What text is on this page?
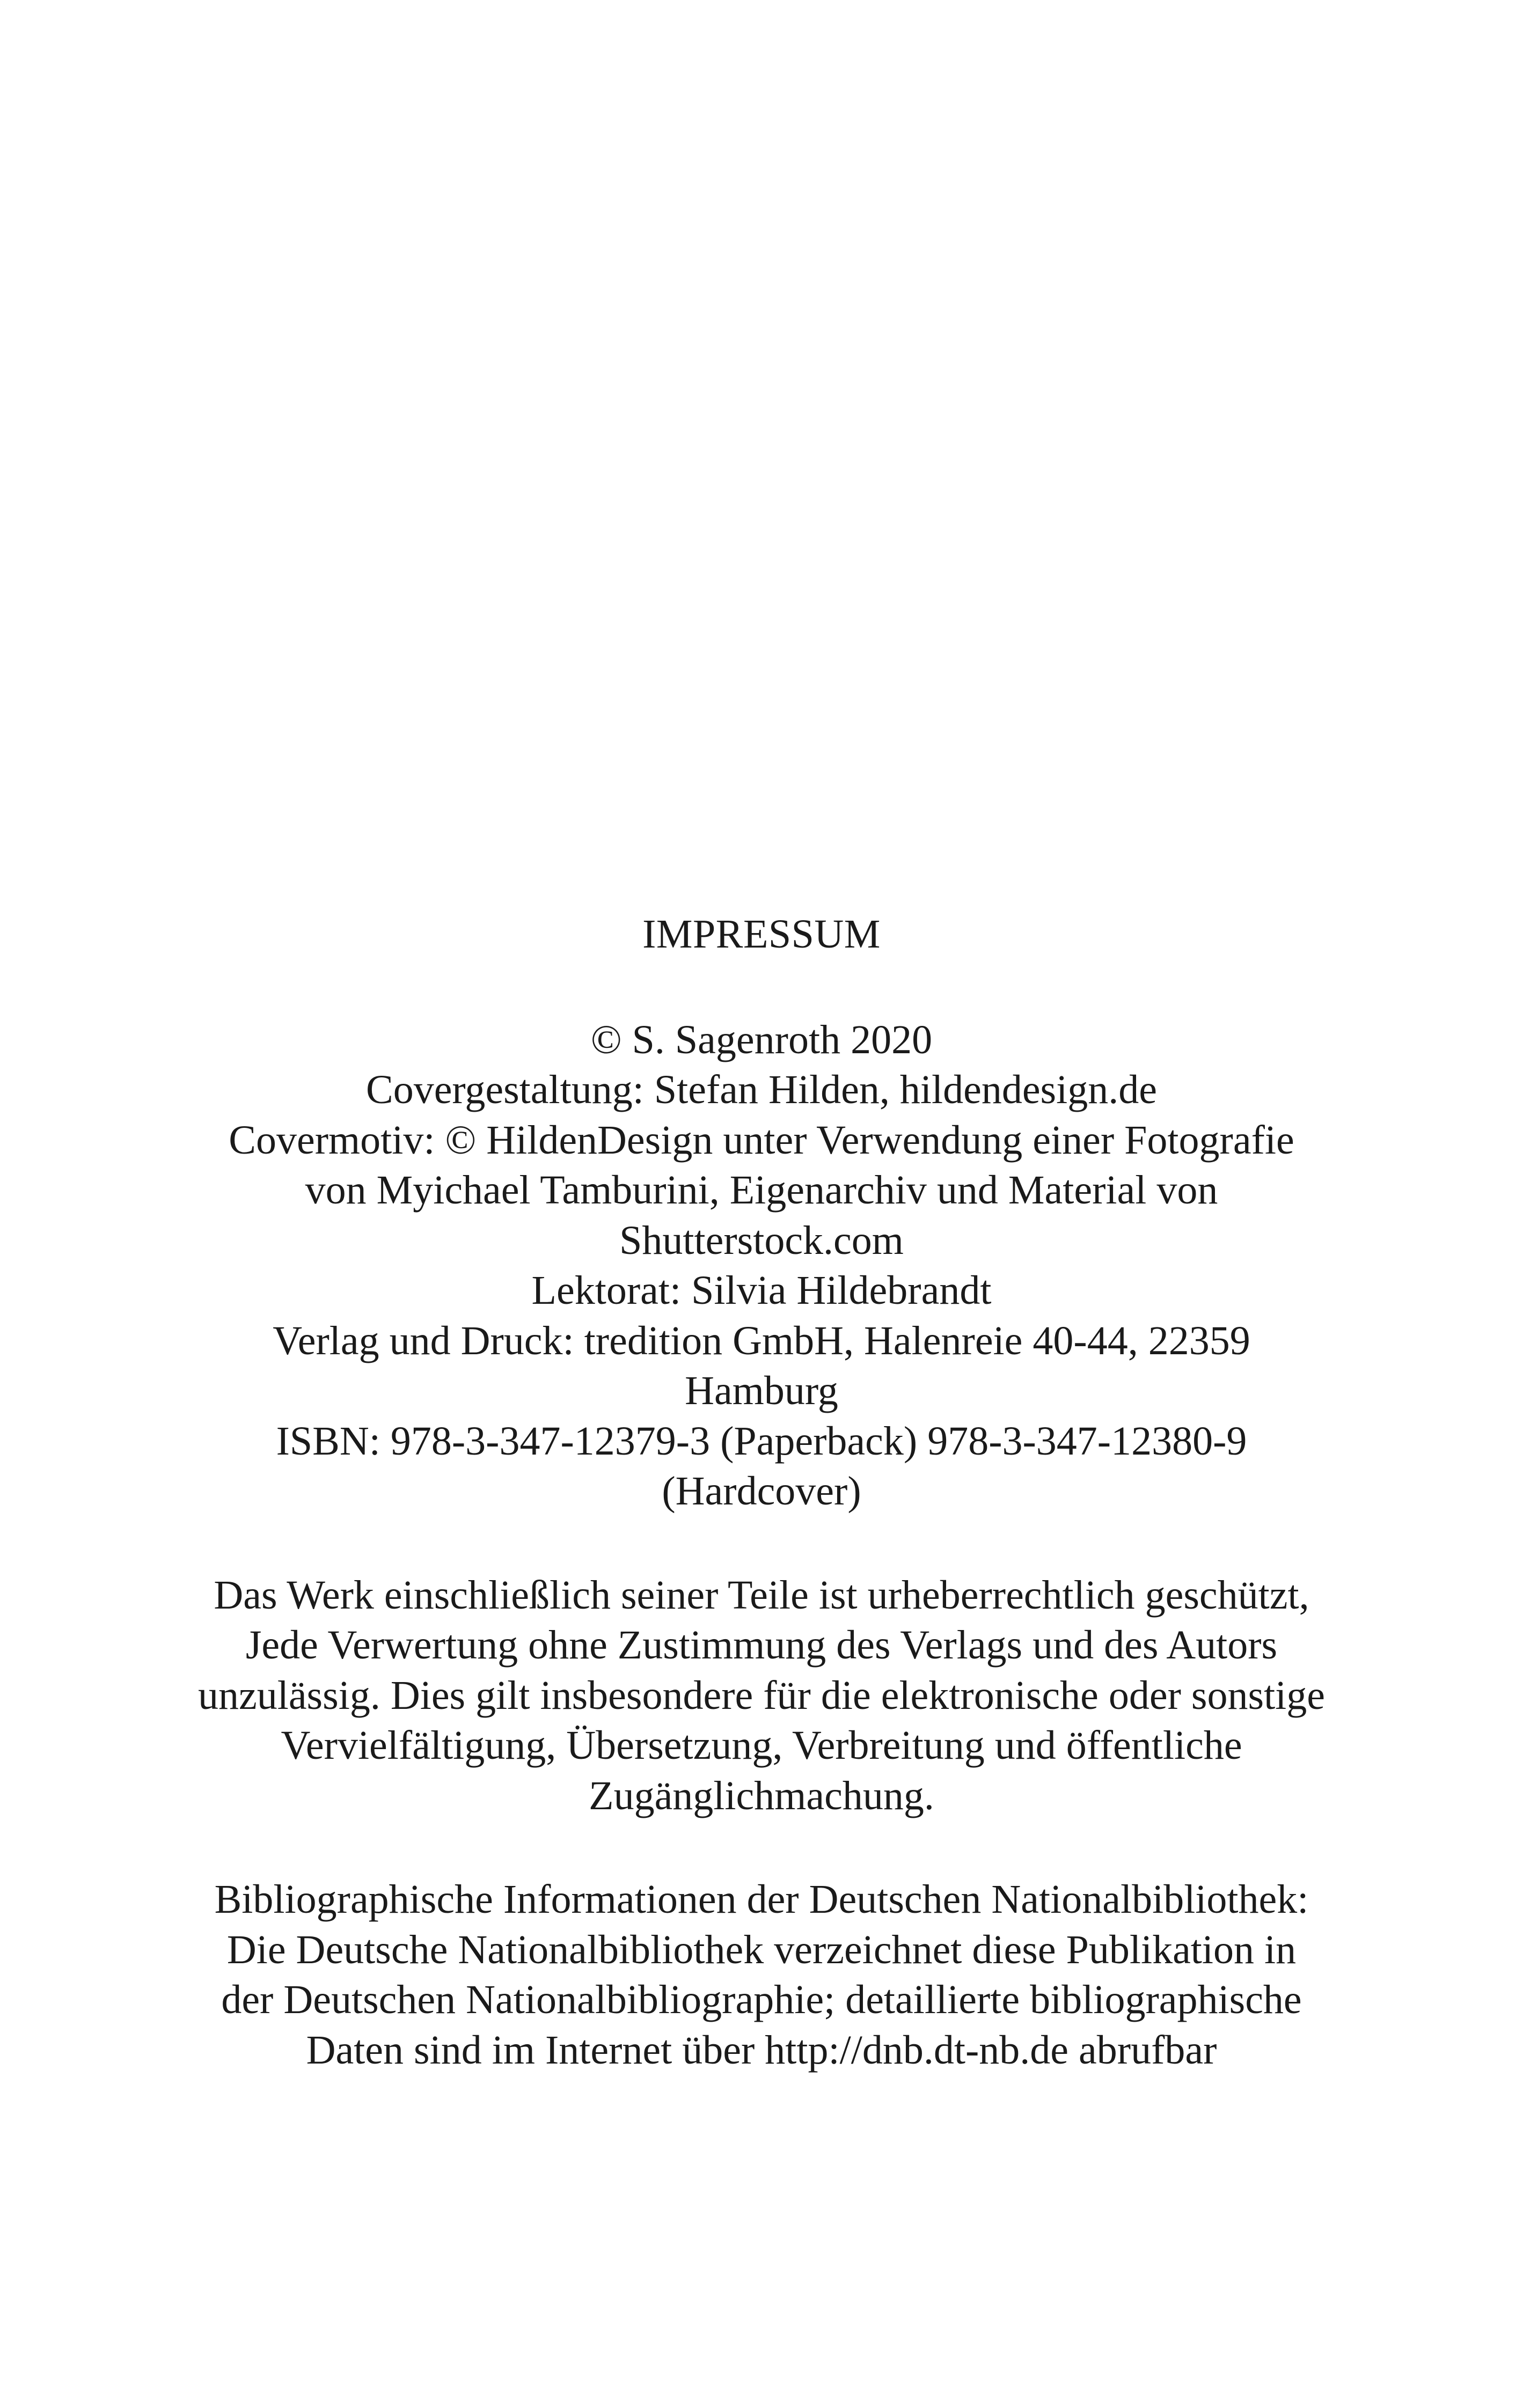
IMPRESSUM
© S. Sagenroth 2020
Covergestaltung: Stefan Hilden, hildendesign.de
Covermotiv: © HildenDesign unter Verwendung einer Fotografie
von Myichael Tamburini, Eigenarchiv und Material von
Shutterstock.com
Lektorat: Silvia Hildebrandt
Verlag und Druck: tredition GmbH, Halenreie 40-44, 22359
Hamburg
ISBN: 978-3-347-12379-3 (Paperback) 978-3-347-12380-9
(Hardcover)
Das Werk einschließlich seiner Teile ist urheberrechtlich geschützt,
Jede Verwertung ohne Zustimmung des Verlags und des Autors
unzulässig. Dies gilt insbesondere für die elektronische oder sonstige
Vervielfältigung, Übersetzung, Verbreitung und öffentliche
Zugänglichmachung.
Bibliographische Informationen der Deutschen Nationalbibliothek:
Die Deutsche Nationalbibliothek verzeichnet diese Publikation in
der Deutschen Nationalbibliographie; detaillierte bibliographische
Daten sind im Internet über http://dnb.dt-nb.de abrufbar
